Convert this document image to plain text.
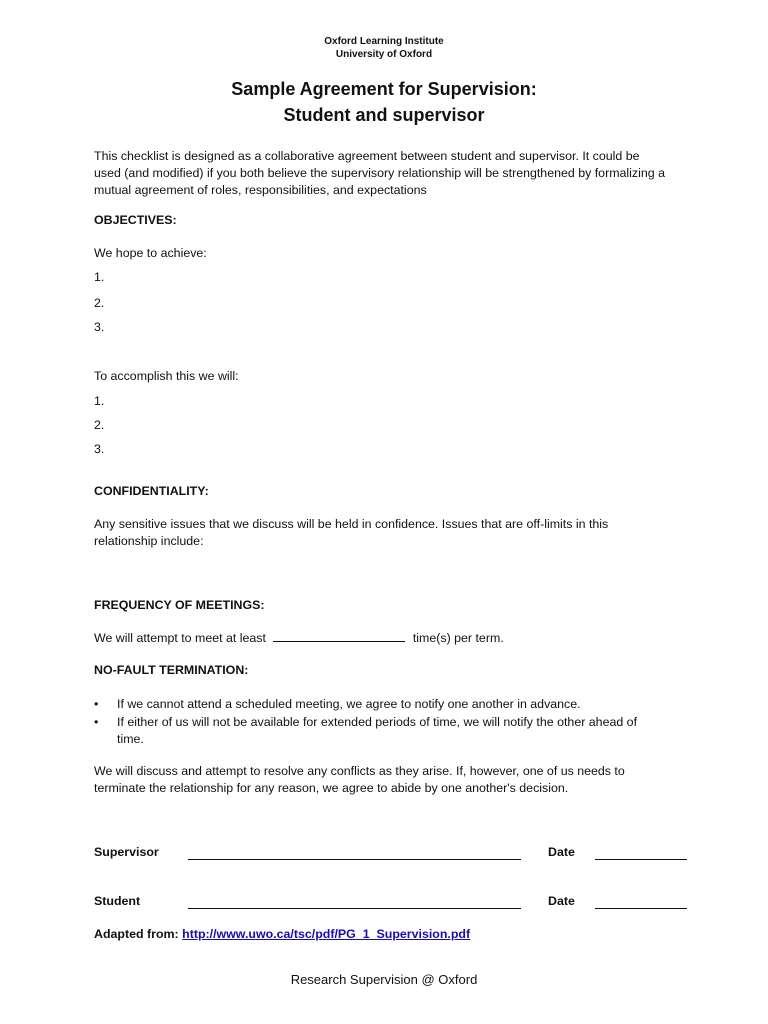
Oxford Learning Institute
University of Oxford
Sample Agreement for Supervision:
Student and supervisor
This checklist is designed as a collaborative agreement between student and supervisor. It could be used (and modified) if you both believe the supervisory relationship will be strengthened by formalizing a mutual agreement of roles, responsibilities, and expectations
OBJECTIVES:
We hope to achieve:
1.
2.
3.
To accomplish this we will:
1.
2.
3.
CONFIDENTIALITY:
Any sensitive issues that we discuss will be held in confidence. Issues that are off-limits in this relationship include:
FREQUENCY OF MEETINGS:
We will attempt to meet at least	time(s) per term.
NO-FAULT TERMINATION:
•	If we cannot attend a scheduled meeting, we agree to notify one another in advance.
•	If either of us will not be available for extended periods of time, we will notify the other ahead of time.
We will discuss and attempt to resolve any conflicts as they arise. If, however, one of us needs to terminate the relationship for any reason, we agree to abide by one another's decision.
Supervisor	Date
Student	Date
Adapted from: http://www.uwo.ca/tsc/pdf/PG_1_Supervision.pdf
Research Supervision @ Oxford
